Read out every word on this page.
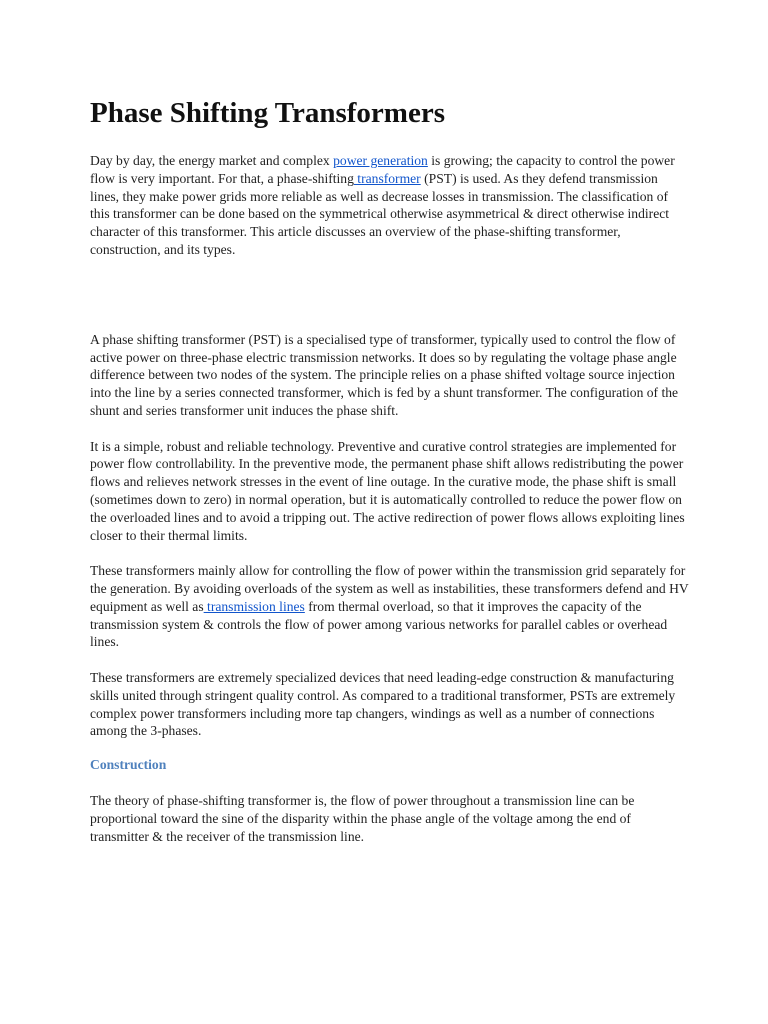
Phase Shifting Transformers

Day by day, the energy market and complex power generation is growing; the capacity to control the power flow is very important. For that, a phase-shifting transformer (PST) is used. As they defend transmission lines, they make power grids more reliable as well as decrease losses in transmission. The classification of this transformer can be done based on the symmetrical otherwise asymmetrical & direct otherwise indirect character of this transformer. This article discusses an overview of the phase-shifting transformer, construction, and its types.

A phase shifting transformer (PST) is a specialised type of transformer, typically used to control the flow of active power on three-phase electric transmission networks. It does so by regulating the voltage phase angle difference between two nodes of the system. The principle relies on a phase shifted voltage source injection into the line by a series connected transformer, which is fed by a shunt transformer. The configuration of the shunt and series transformer unit induces the phase shift.

It is a simple, robust and reliable technology. Preventive and curative control strategies are implemented for power flow controllability. In the preventive mode, the permanent phase shift allows redistributing the power flows and relieves network stresses in the event of line outage. In the curative mode, the phase shift is small (sometimes down to zero) in normal operation, but it is automatically controlled to reduce the power flow on the overloaded lines and to avoid a tripping out. The active redirection of power flows allows exploiting lines closer to their thermal limits.

These transformers mainly allow for controlling the flow of power within the transmission grid separately for the generation. By avoiding overloads of the system as well as instabilities, these transformers defend and HV equipment as well as transmission lines from thermal overload, so that it improves the capacity of the transmission system & controls the flow of power among various networks for parallel cables or overhead lines.

These transformers are extremely specialized devices that need leading-edge construction & manufacturing skills united through stringent quality control. As compared to a traditional transformer, PSTs are extremely complex power transformers including more tap changers, windings as well as a number of connections among the 3-phases.

Construction

The theory of phase-shifting transformer is, the flow of power throughout a transmission line can be proportional toward the sine of the disparity within the phase angle of the voltage among the end of transmitter & the receiver of the transmission line.
